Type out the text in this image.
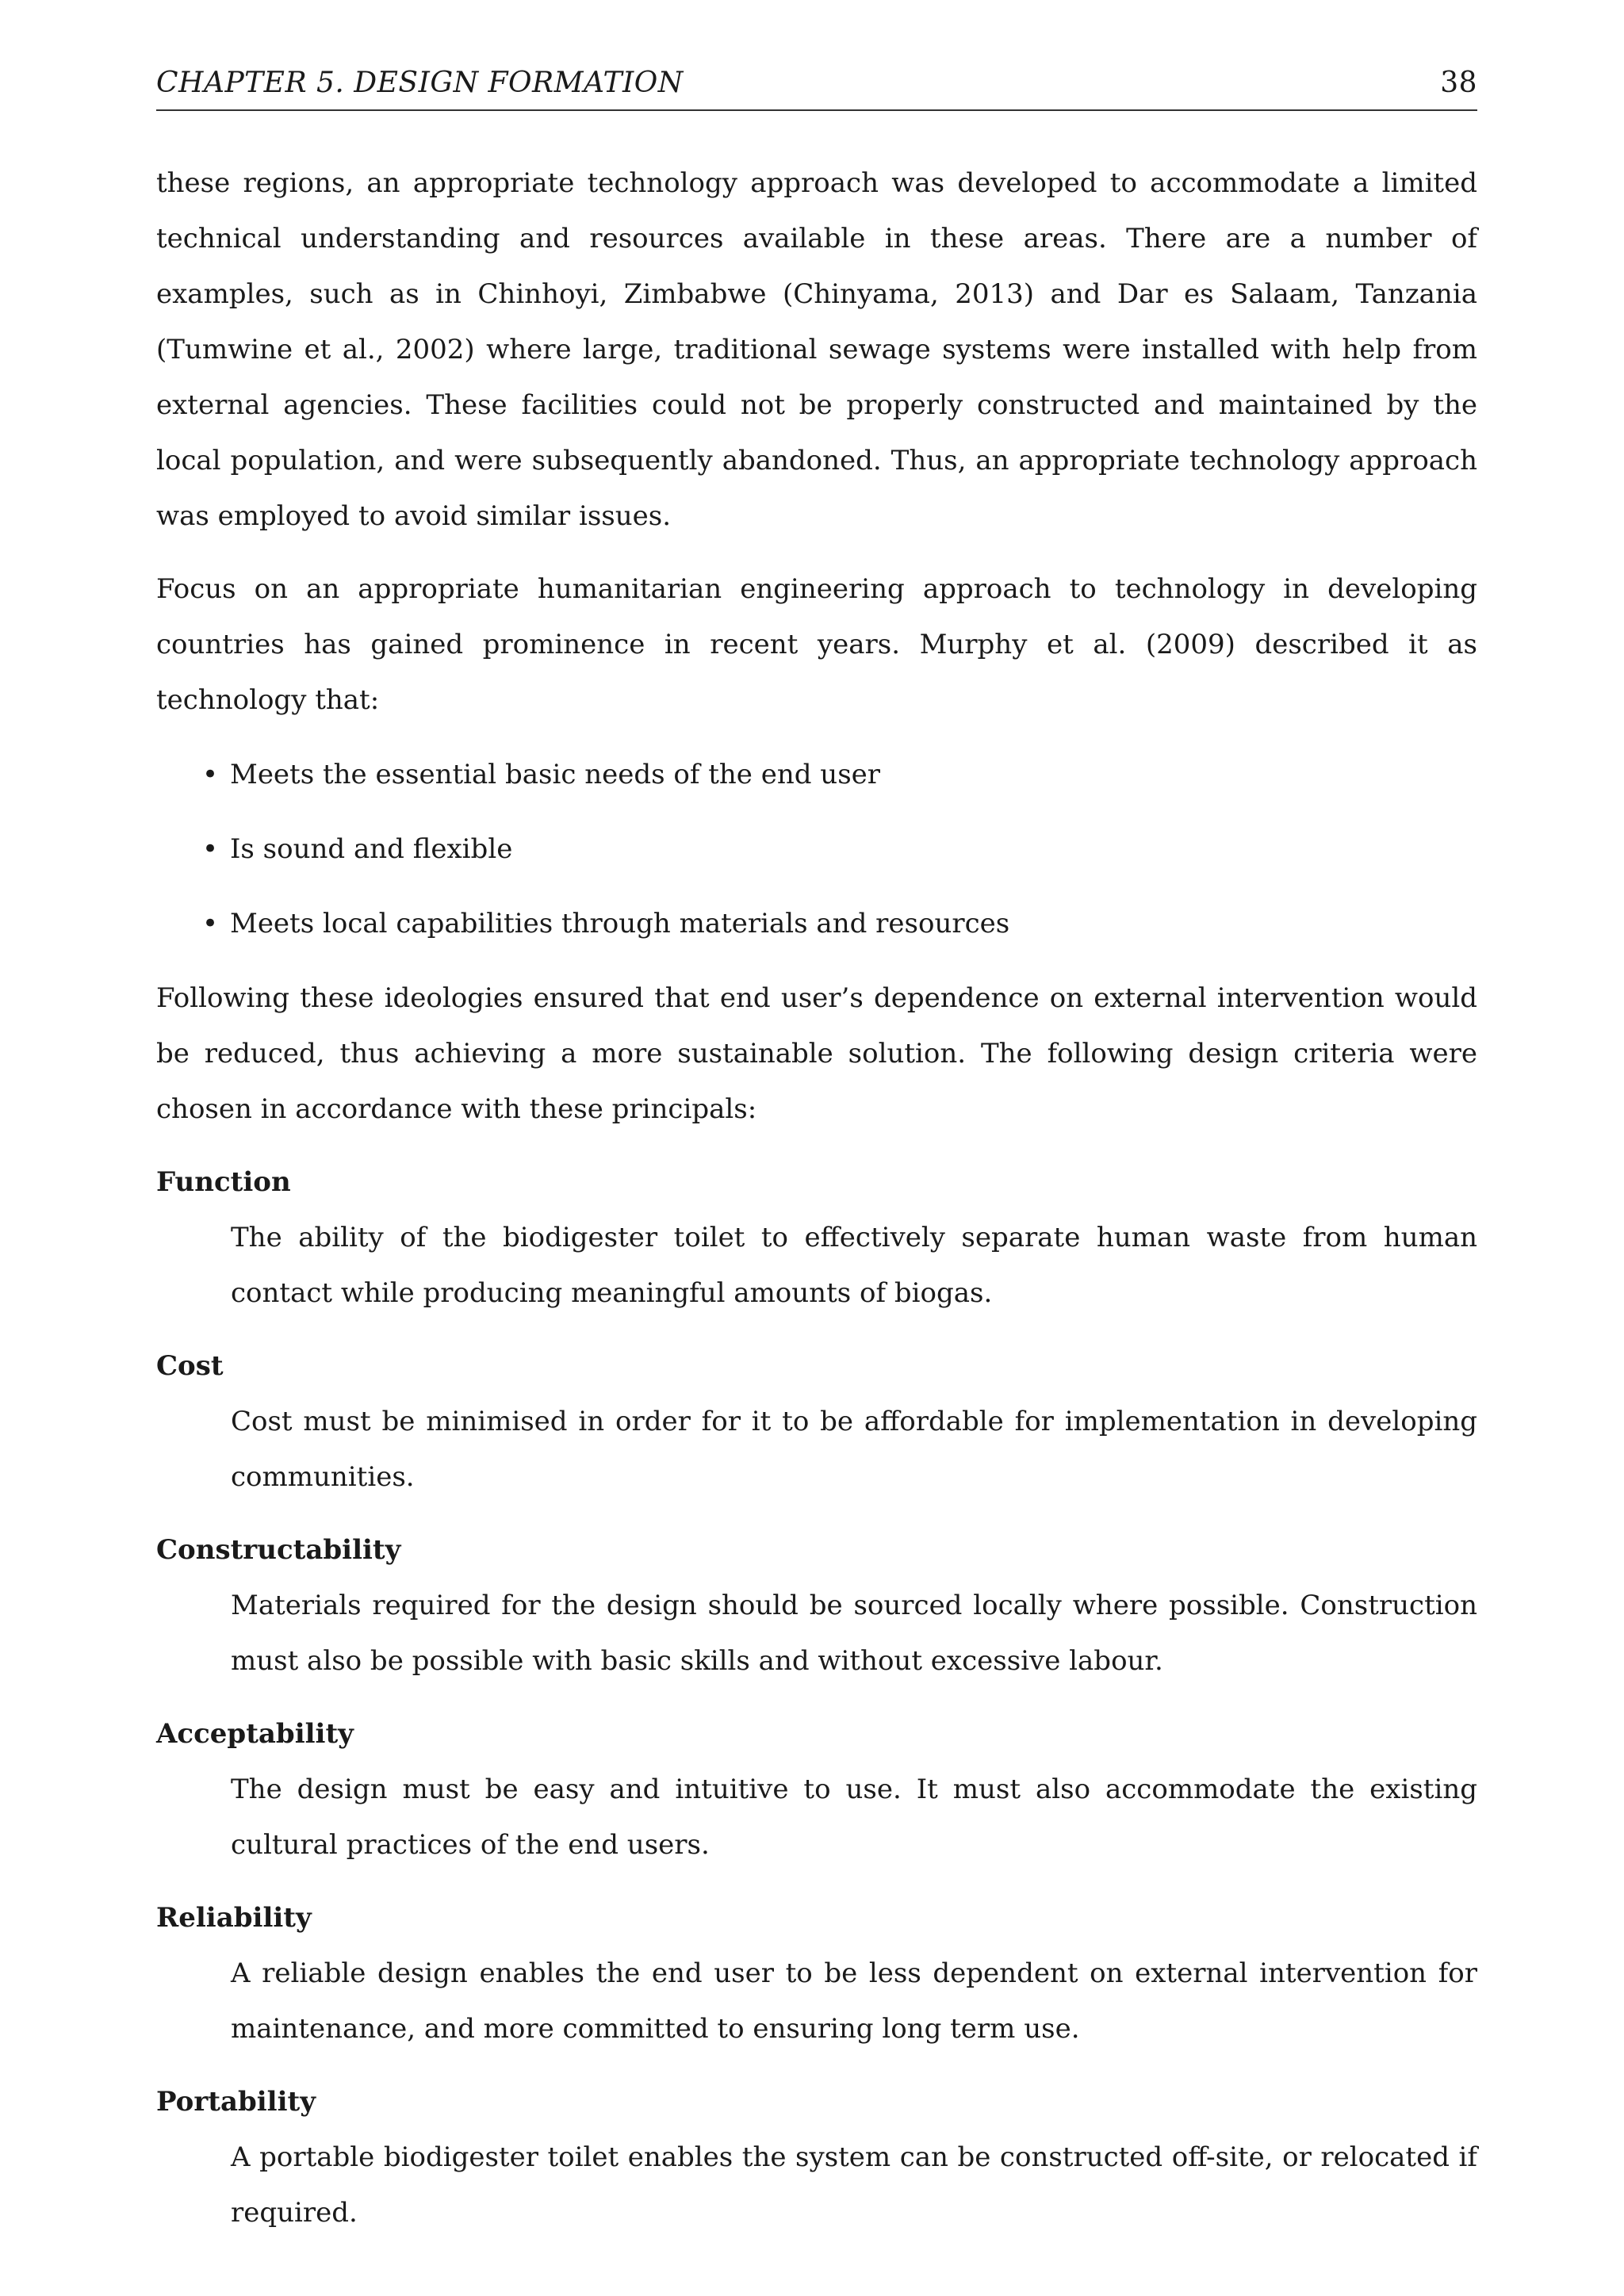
CHAPTER 5. DESIGN FORMATION	38

these regions, an appropriate technology approach was developed to accommodate a limited technical understanding and resources available in these areas. There are a number of examples, such as in Chinhoyi, Zimbabwe (Chinyama, 2013) and Dar es Salaam, Tanzania (Tumwine et al., 2002) where large, traditional sewage systems were installed with help from external agencies. These facilities could not be properly constructed and maintained by the local population, and were subsequently abandoned. Thus, an appropriate technology approach was employed to avoid similar issues.

Focus on an appropriate humanitarian engineering approach to technology in developing countries has gained prominence in recent years. Murphy et al. (2009) described it as technology that:

• Meets the essential basic needs of the end user
• Is sound and flexible
• Meets local capabilities through materials and resources

Following these ideologies ensured that end user’s dependence on external intervention would be reduced, thus achieving a more sustainable solution. The following design criteria were chosen in accordance with these principals:

Function
The ability of the biodigester toilet to effectively separate human waste from human contact while producing meaningful amounts of biogas.
Cost
Cost must be minimised in order for it to be affordable for implementation in developing communities.
Constructability
Materials required for the design should be sourced locally where possible. Construction must also be possible with basic skills and without excessive labour.
Acceptability
The design must be easy and intuitive to use. It must also accommodate the existing cultural practices of the end users.
Reliability
A reliable design enables the end user to be less dependent on external intervention for maintenance, and more committed to ensuring long term use.
Portability
A portable biodigester toilet enables the system can be constructed off-site, or relocated if required.
